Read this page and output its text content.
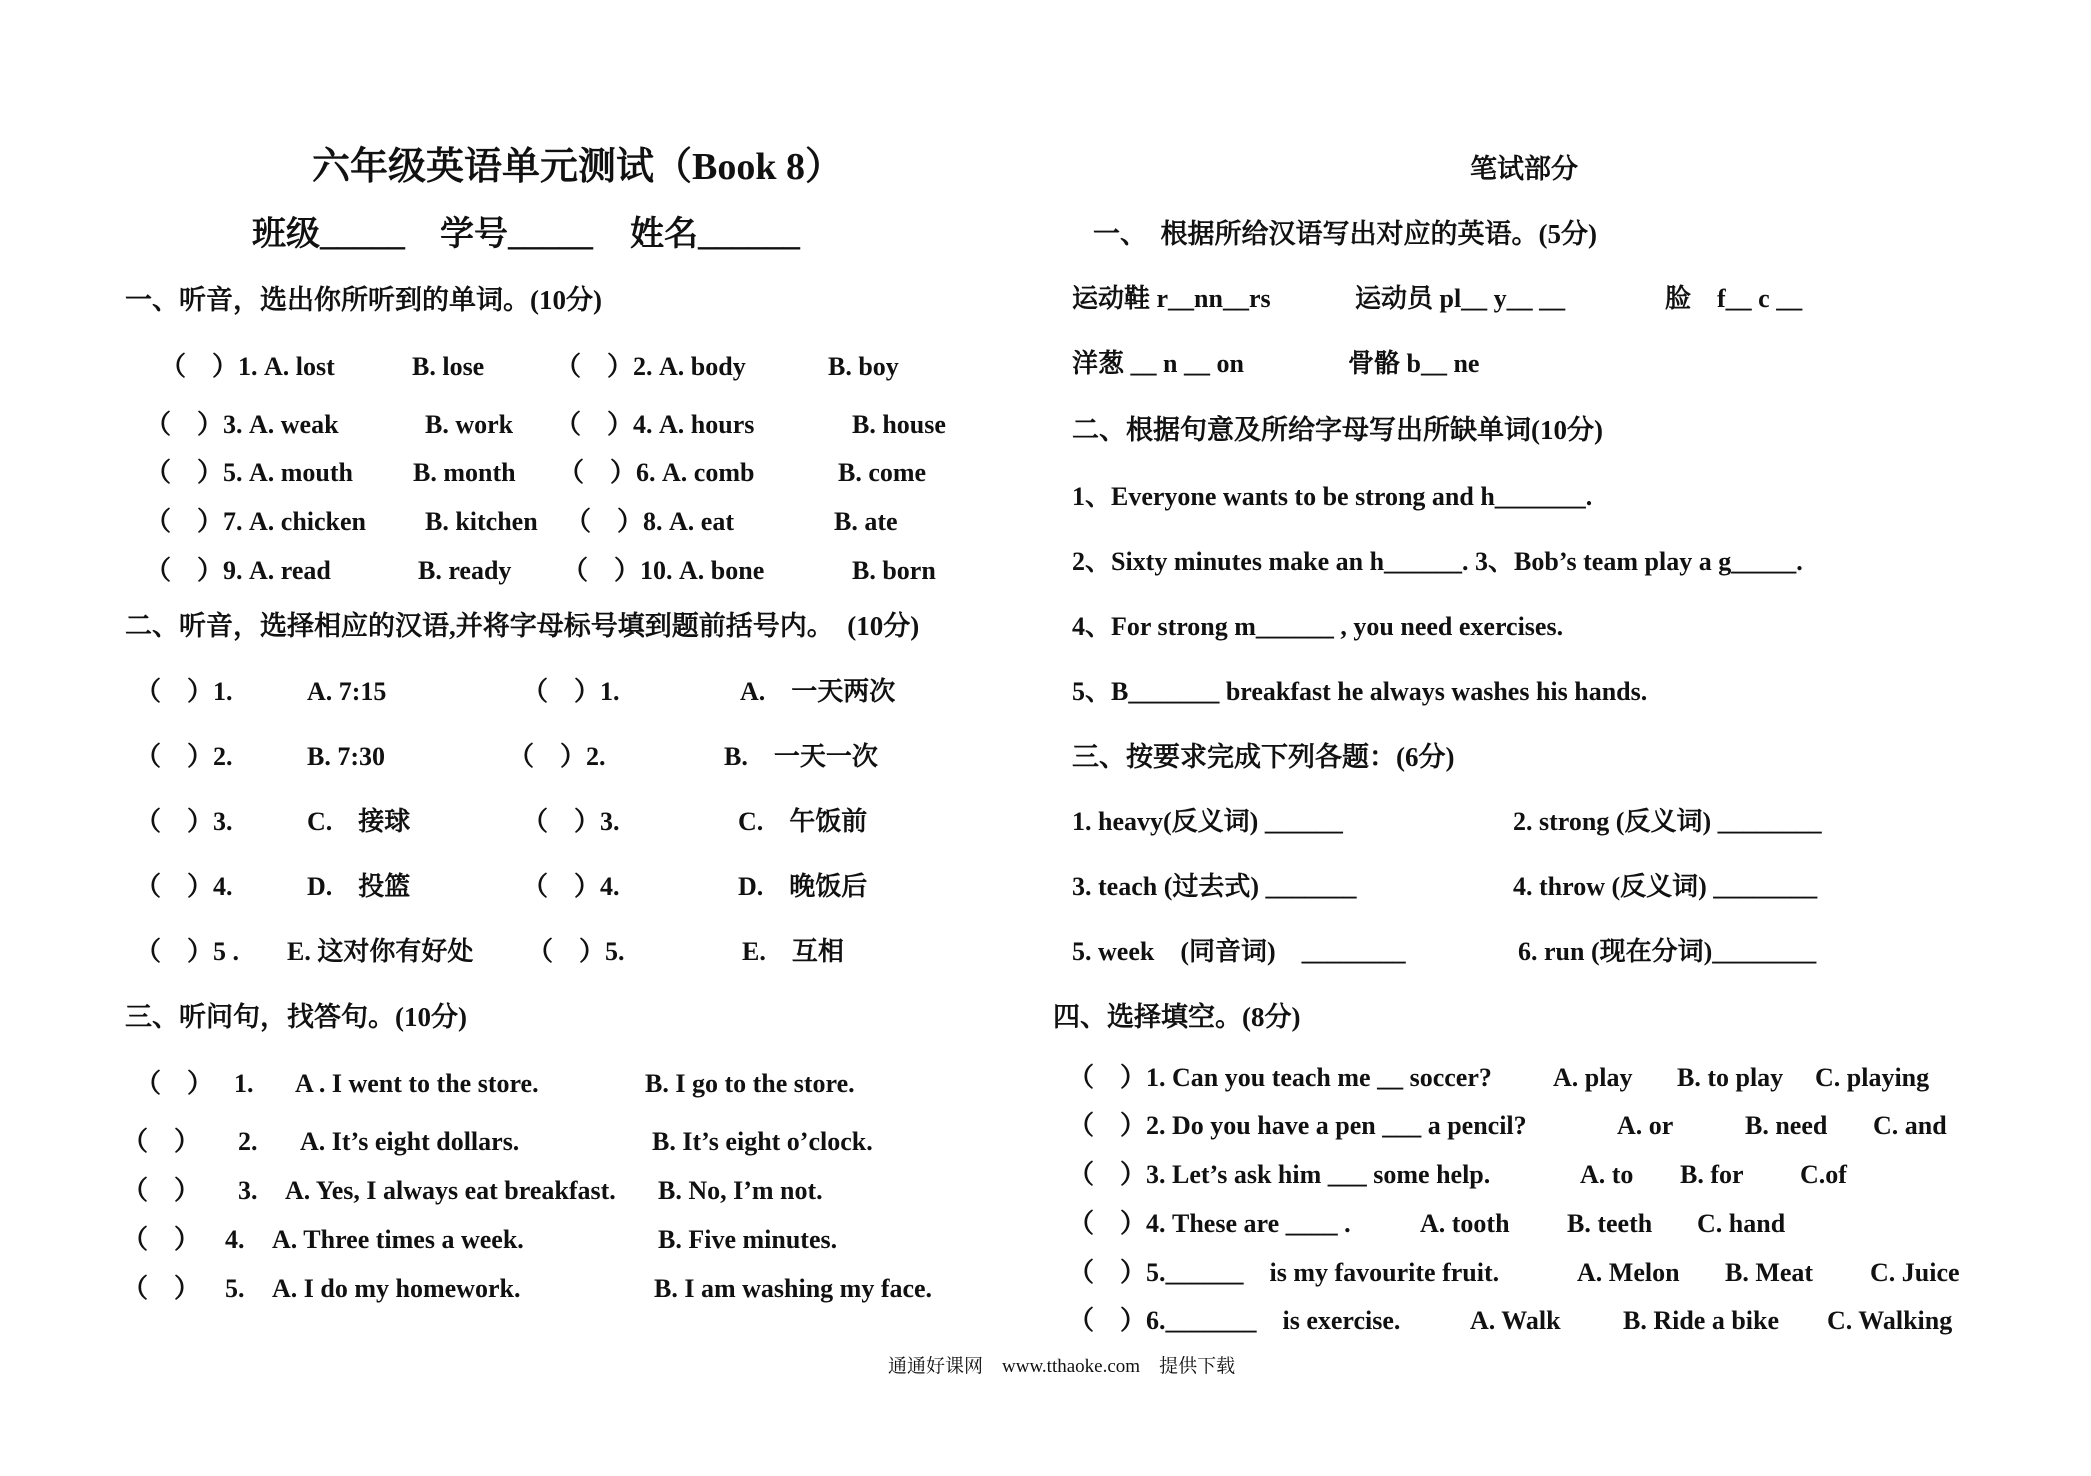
六年级英语单元测试（Book 8）
班级_____ 学号_____ 姓名______
一、听音，选出你所听到的单词。(10分)
（　）1. A. lost	B. lose	（　）2. A. body	B. boy
（　）3. A. weak	B. work （　）4. A. hours	B. house
（　）5. A. mouth B. month （　）6. A. comb	B. come
（　）7. A. chicken B. kitchen （　）8. A. eat	B. ate
（　）9. A. read	B. ready （　）10. A. bone	B. born
二、听音，选择相应的汉语,并将字母标号填到题前括号内。　(10分)
（　）1.	A. 7:15	（　）1.	A.　一天两次
（　）2.	B. 7:30	（　）2.	B.　一天一次
（　）3.	C.　接球	（　）3.	C.　午饭前
（　）4.	D.　投篮	（　）4.	D.　晚饭后
（　）5 . E. 这对你有好处 （　）5.	E.　互相
三、听问句，找答句。(10分)
（　） 1. A . I went to the store.	B. I go to the store.
（　） 2. A. It’s eight dollars.	B. It’s eight o’clock.
（　） 3. A. Yes, I always eat breakfast. B. No, I’m not.
（　） 4. A. Three times a week.	B. Five minutes.
（　） 5. A. I do my homework.	B. I am washing my face.
笔试部分
一、　根据所给汉语写出对应的英语。(5分)
运动鞋 r__nn__rs	运动员 pl__ y__ __	脸　f__ c __
洋葱 __ n __ on	骨骼 b__ ne
二、根据句意及所给字母写出所缺单词(10分)
1、Everyone wants to be strong and h_______.
2、Sixty minutes make an h______. 3、Bob’s team play a g_____.
4、For strong m______ , you need exercises.
5、B_______ breakfast he always washes his hands.
三、按要求完成下列各题：(6分)
1. heavy(反义词) ______	2. strong (反义词) ________
3. teach (过去式) _______	4. throw (反义词) ________
5. week　(同音词)　________	6. run (现在分词)________
四、选择填空。(8分)
（　）1. Can you teach me __ soccer? A. play B. to play C. playing
（　）2. Do you have a pen ___ a pencil?	A. or	B. need C. and
（　）3. Let’s ask him ___ some help.	A. to B. for C.of
（　）4. These are ____ .	A. tooth B. teeth C. hand
（　）5.______　is my favourite fruit.	A. Melon B. Meat C. Juice
（　）6._______　is exercise.	A. Walk B. Ride a bike C. Walking
通通好课网　www.tthaoke.com　提供下载
